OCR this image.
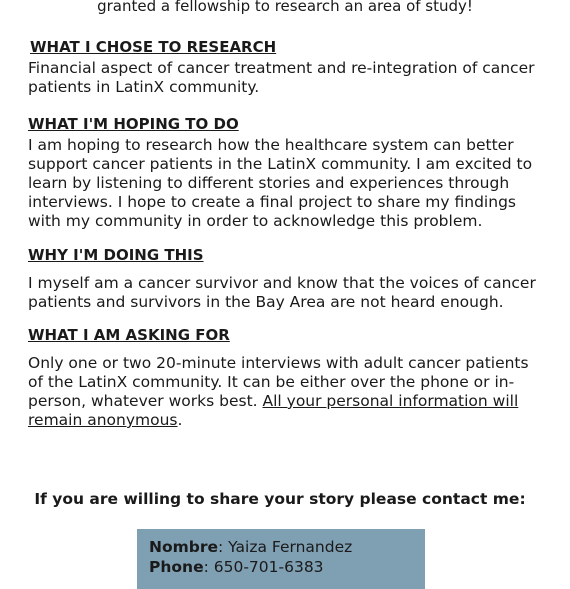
granted a fellowship to research an area of study!

WHAT I CHOSE TO RESEARCH

Financial aspect of cancer treatment and re-integration of cancer patients in LatinX community.

WHAT I'M HOPING TO DO

I am hoping to research how the healthcare system can better support cancer patients in the LatinX community. I am excited to learn by listening to different stories and experiences through interviews. I hope to create a final project to share my findings with my community in order to acknowledge this problem.

WHY I'M DOING THIS

I myself am a cancer survivor and know that the voices of cancer patients and survivors in the Bay Area are not heard enough.

WHAT I AM ASKING FOR

Only one or two 20-minute interviews with adult cancer patients of the LatinX community. It can be either over the phone or in-person, whatever works best. All your personal information will remain anonymous.

If you are willing to share your story please contact me:

Nombre: Yaiza Fernandez

Phone: 650-701-6383
